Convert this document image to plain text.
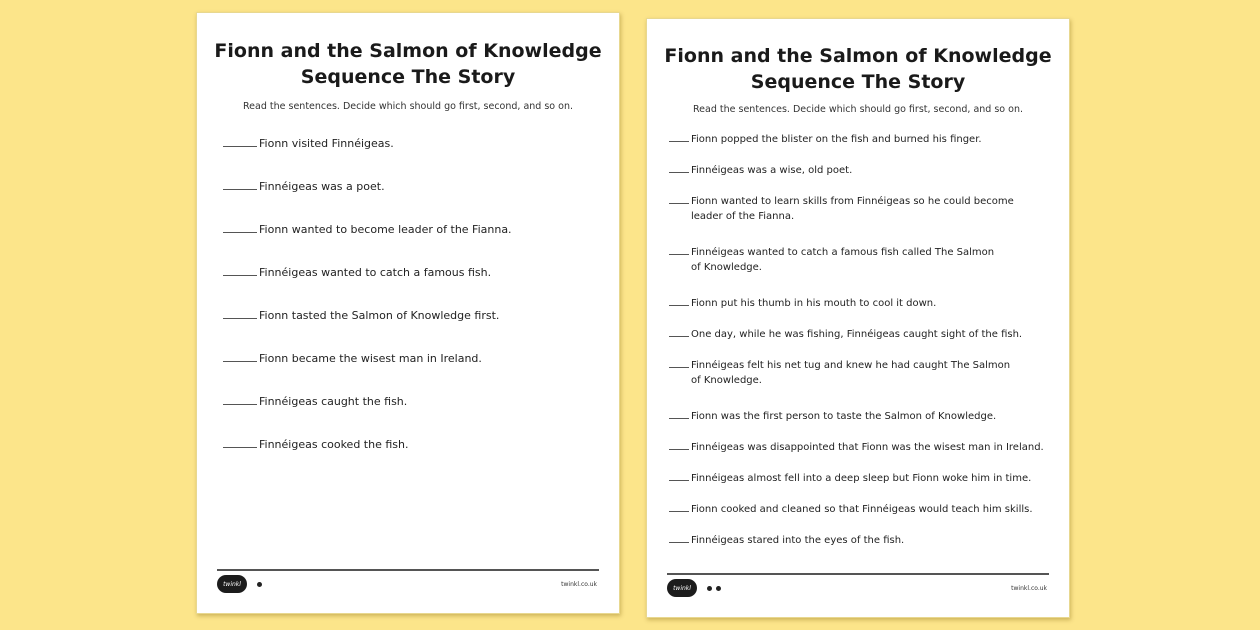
Fionn and the Salmon of Knowledge
Sequence The Story
Read the sentences. Decide which should go first, second, and so on.
Fionn visited Finnéigeas.
Finnéigeas was a poet.
Fionn wanted to become leader of the Fianna.
Finnéigeas wanted to catch a famous fish.
Fionn tasted the Salmon of Knowledge first.
Fionn became the wisest man in Ireland.
Finnéigeas caught the fish.
Finnéigeas cooked the fish.
twinkl	twinkl.co.uk
Fionn and the Salmon of Knowledge
Sequence The Story
Read the sentences. Decide which should go first, second, and so on.
Fionn popped the blister on the fish and burned his finger.
Finnéigeas was a wise, old poet.
Fionn wanted to learn skills from Finnéigeas so he could become
leader of the Fianna.
Finnéigeas wanted to catch a famous fish called The Salmon
of Knowledge.
Fionn put his thumb in his mouth to cool it down.
One day, while he was fishing, Finnéigeas caught sight of the fish.
Finnéigeas felt his net tug and knew he had caught The Salmon
of Knowledge.
Fionn was the first person to taste the Salmon of Knowledge.
Finnéigeas was disappointed that Fionn was the wisest man in Ireland.
Finnéigeas almost fell into a deep sleep but Fionn woke him in time.
Fionn cooked and cleaned so that Finnéigeas would teach him skills.
Finnéigeas stared into the eyes of the fish.
twinkl	twinkl.co.uk
